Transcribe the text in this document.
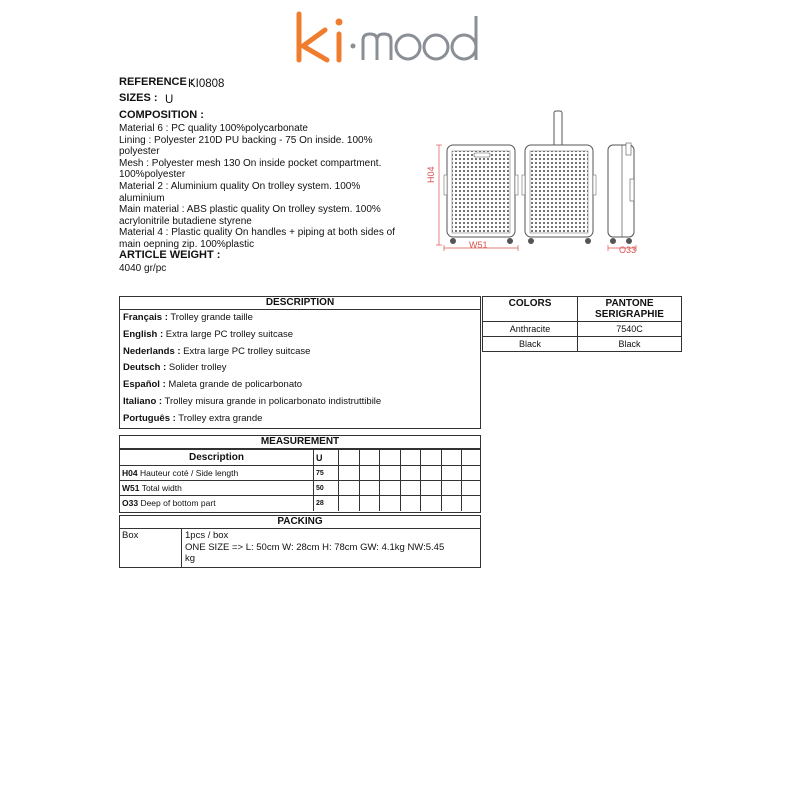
REFERENCE :
KI0808
SIZES : U
COMPOSITION :
Material 6 : PC quality 100%polycarbonate
Lining : Polyester 210D PU backing - 75 On inside. 100%
polyester
Mesh : Polyester mesh 130 On inside pocket compartment.
100%polyester
Material 2 : Aluminium quality On trolley system. 100%
aluminium
Main material : ABS plastic quality On trolley system. 100%
acrylonitrile butadiene styrene
Material 4 : Plastic quality On handles + piping at both sides of
main oepning zip. 100%plastic
ARTICLE WEIGHT :
4040 gr/pc
H04
W51	O33
DESCRIPTION
Français : Trolley grande taille
English : Extra large PC trolley suitcase
Nederlands : Extra large PC trolley suitcase
Deutsch : Solider trolley
Español : Maleta grande de policarbonato
Italiano : Trolley misura grande in policarbonato indistruttibile
Português : Trolley extra grande
COLORS	PANTONE
SERIGRAPHIE
Anthracite	7540C
Black	Black
MEASUREMENT
Description	U							
H04 Hauteur coté / Side length	75							
W51 Total width	50							
O33 Deep of bottom part	28							
PACKING
Box	1pcs / box
ONE SIZE => L: 50cm W: 28cm H: 78cm GW: 4.1kg NW:5.45
kg
